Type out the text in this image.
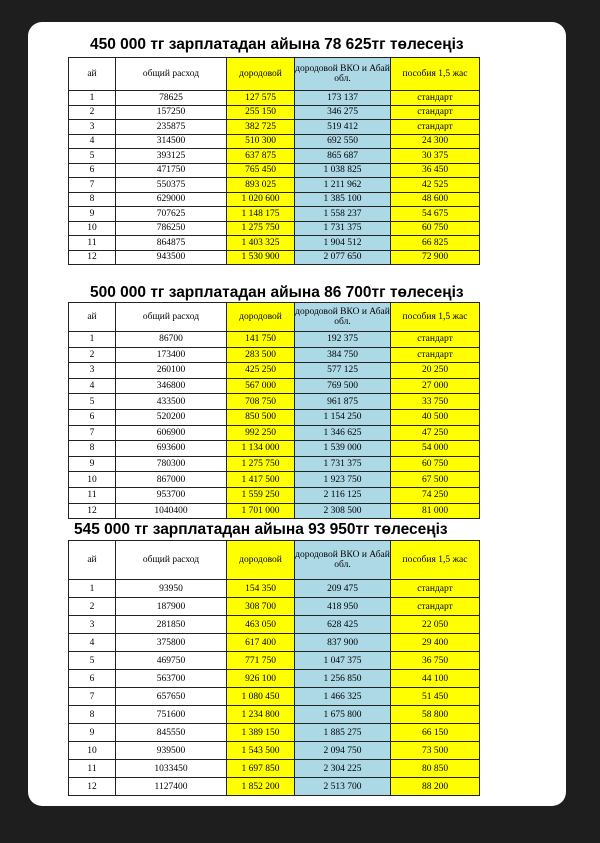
450 000 тг зарплатадан айына 78 625тг төлесеңіз
ай	общий расход	дородовой	дородовой ВКО и Абай обл.	пособия 1,5 жас
1	78625	127 575	173 137	стандарт
2	157250	255 150	346 275	стандарт
3	235875	382 725	519 412	стандарт
4	314500	510 300	692 550	24 300
5	393125	637 875	865 687	30 375
6	471750	765 450	1 038 825	36 450
7	550375	893 025	1 211 962	42 525
8	629000	1 020 600	1 385 100	48 600
9	707625	1 148 175	1 558 237	54 675
10	786250	1 275 750	1 731 375	60 750
11	864875	1 403 325	1 904 512	66 825
12	943500	1 530 900	2 077 650	72 900
500 000 тг зарплатадан айына 86 700тг төлесеңіз
ай	общий расход	дородовой	дородовой ВКО и Абай обл.	пособия 1,5 жас
1	86700	141 750	192 375	стандарт
2	173400	283 500	384 750	стандарт
3	260100	425 250	577 125	20 250
4	346800	567 000	769 500	27 000
5	433500	708 750	961 875	33 750
6	520200	850 500	1 154 250	40 500
7	606900	992 250	1 346 625	47 250
8	693600	1 134 000	1 539 000	54 000
9	780300	1 275 750	1 731 375	60 750
10	867000	1 417 500	1 923 750	67 500
11	953700	1 559 250	2 116 125	74 250
12	1040400	1 701 000	2 308 500	81 000
545 000 тг зарплатадан айына 93 950тг төлесеңіз
ай	общий расход	дородовой	дородовой ВКО и Абай обл.	пособия 1,5 жас
1	93950	154 350	209 475	стандарт
2	187900	308 700	418 950	стандарт
3	281850	463 050	628 425	22 050
4	375800	617 400	837 900	29 400
5	469750	771 750	1 047 375	36 750
6	563700	926 100	1 256 850	44 100
7	657650	1 080 450	1 466 325	51 450
8	751600	1 234 800	1 675 800	58 800
9	845550	1 389 150	1 885 275	66 150
10	939500	1 543 500	2 094 750	73 500
11	1033450	1 697 850	2 304 225	80 850
12	1127400	1 852 200	2 513 700	88 200
